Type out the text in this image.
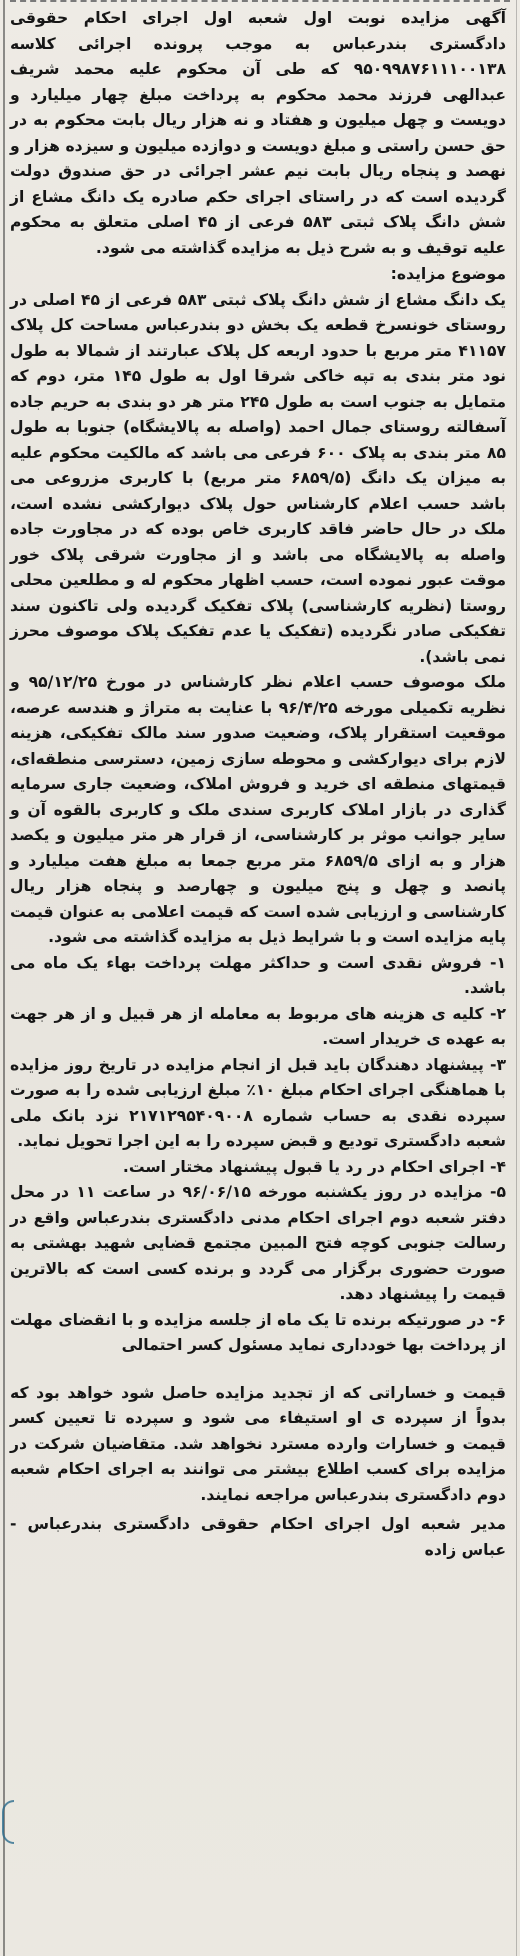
آگهی مزایده نوبت اول شعبه اول اجرای احکام حقوقی دادگستری بندرعباس به موجب پرونده اجرائی کلاسه ۹۵۰۹۹۸۷۶۱۱۱۰۰۱۳۸ که طی آن محکوم علیه محمد شریف عبدالهی فرزند محمد محکوم به پرداخت مبلغ چهار میلیارد و دویست و چهل میلیون و هفتاد و نه هزار ریال بابت محکوم به در حق حسن راستی و مبلغ دویست و دوازده میلیون و سیزده هزار و نهصد و پنجاه ریال بابت نیم عشر اجرائی در حق صندوق دولت گردیده است که در راستای اجرای حکم صادره یک دانگ مشاع از شش دانگ پلاک ثبتی ۵۸۳ فرعی از ۴۵ اصلی متعلق به محکوم علیه توقیف و به شرح ذیل به مزایده گذاشته می شود.

موضوع مزایده:

یک دانگ مشاع از شش دانگ پلاک ثبتی ۵۸۳ فرعی از ۴۵ اصلی در روستای خونسرخ قطعه یک بخش دو بندرعباس مساحت کل پلاک ۴۱۱۵۷ متر مربع با حدود اربعه کل پلاک عبارتند از شمالا به طول نود متر بندی به تپه خاکی شرقا اول به طول ۱۴۵ متر، دوم که متمایل به جنوب است به طول ۲۴۵ متر هر دو بندی به حریم جاده آسفالته روستای جمال احمد (واصله به پالایشگاه) جنوبا به طول ۸۵ متر بندی به پلاک ۶۰۰ فرعی می باشد که مالکیت محکوم علیه به میزان یک دانگ (۶۸۵۹/۵ متر مربع) با کاربری مزروعی می باشد حسب اعلام کارشناس حول پلاک دیوارکشی نشده است، ملک در حال حاضر فاقد کاربری خاص بوده که در مجاورت جاده واصله به پالایشگاه می باشد و از مجاورت شرقی پلاک خور موقت عبور نموده است، حسب اظهار محکوم له و مطلعین محلی روستا (نظریه کارشناسی) پلاک تفکیک گردیده ولی تاکنون سند تفکیکی صادر نگردیده (تفکیک یا عدم تفکیک پلاک موصوف محرز نمی باشد).

ملک موصوف حسب اعلام نظر کارشناس در مورخ ۹۵/۱۲/۲۵ و نظریه تکمیلی مورخه ۹۶/۴/۲۵ با عنایت به متراژ و هندسه عرصه، موقعیت استقرار پلاک، وضعیت صدور سند مالک تفکیکی، هزینه لازم برای دیوارکشی و محوطه سازی زمین، دسترسی منطقه‌ای، قیمتهای منطقه ای خرید و فروش املاک، وضعیت جاری سرمایه گذاری در بازار املاک کاربری سندی ملک و کاربری بالقوه آن و سایر جوانب موثر بر کارشناسی، از قرار هر متر میلیون و یکصد هزار و به ازای ۶۸۵۹/۵ متر مربع جمعا به مبلغ هفت میلیارد و پانصد و چهل و پنج میلیون و چهارصد و پنجاه هزار ریال کارشناسی و ارزیابی شده است که قیمت اعلامی به عنوان قیمت پایه مزایده است و با شرایط ذیل به مزایده گذاشته می شود.

۱- فروش نقدی است و حداکثر مهلت پرداخت بهاء یک ماه می باشد.

۲- کلیه ی هزینه های مربوط به معامله از هر قبیل و از هر جهت به عهده ی خریدار است.

۳- پیشنهاد دهندگان باید قبل از انجام مزایده در تاریخ روز مزایده با هماهنگی اجرای احکام مبلغ ۱۰٪ مبلغ ارزیابی شده را به صورت سپرده نقدی به حساب شماره ۲۱۷۱۲۹۵۴۰۹۰۰۸ نزد بانک ملی شعبه دادگستری تودیع و قبض سپرده را به این اجرا تحویل نماید.

۴- اجرای احکام در رد یا قبول پیشنهاد مختار است.

۵- مزایده در روز یکشنبه مورخه ۹۶/۰۶/۱۵ در ساعت ۱۱ در محل دفتر شعبه دوم اجرای احکام مدنی دادگستری بندرعباس واقع در رسالت جنوبی کوچه فتح المبین مجتمع قضایی شهید بهشتی به صورت حضوری برگزار می گردد و برنده کسی است که بالاترین قیمت را پیشنهاد دهد.

۶- در صورتیکه برنده تا یک ماه از جلسه مزایده و با انقضای مهلت از پرداخت بها خودداری نماید مسئول کسر احتمالی

قیمت و خساراتی که از تجدید مزایده حاصل شود خواهد بود که بدواً از سپرده ی او استیفاء می شود و سپرده تا تعیین کسر قیمت و خسارات وارده مسترد نخواهد شد. متقاضیان شرکت در مزایده برای کسب اطلاع بیشتر می توانند به اجرای احکام شعبه دوم دادگستری بندرعباس مراجعه نمایند.

مدیر شعبه اول اجرای احکام حقوقی دادگستری بندرعباس - عباس زاده
